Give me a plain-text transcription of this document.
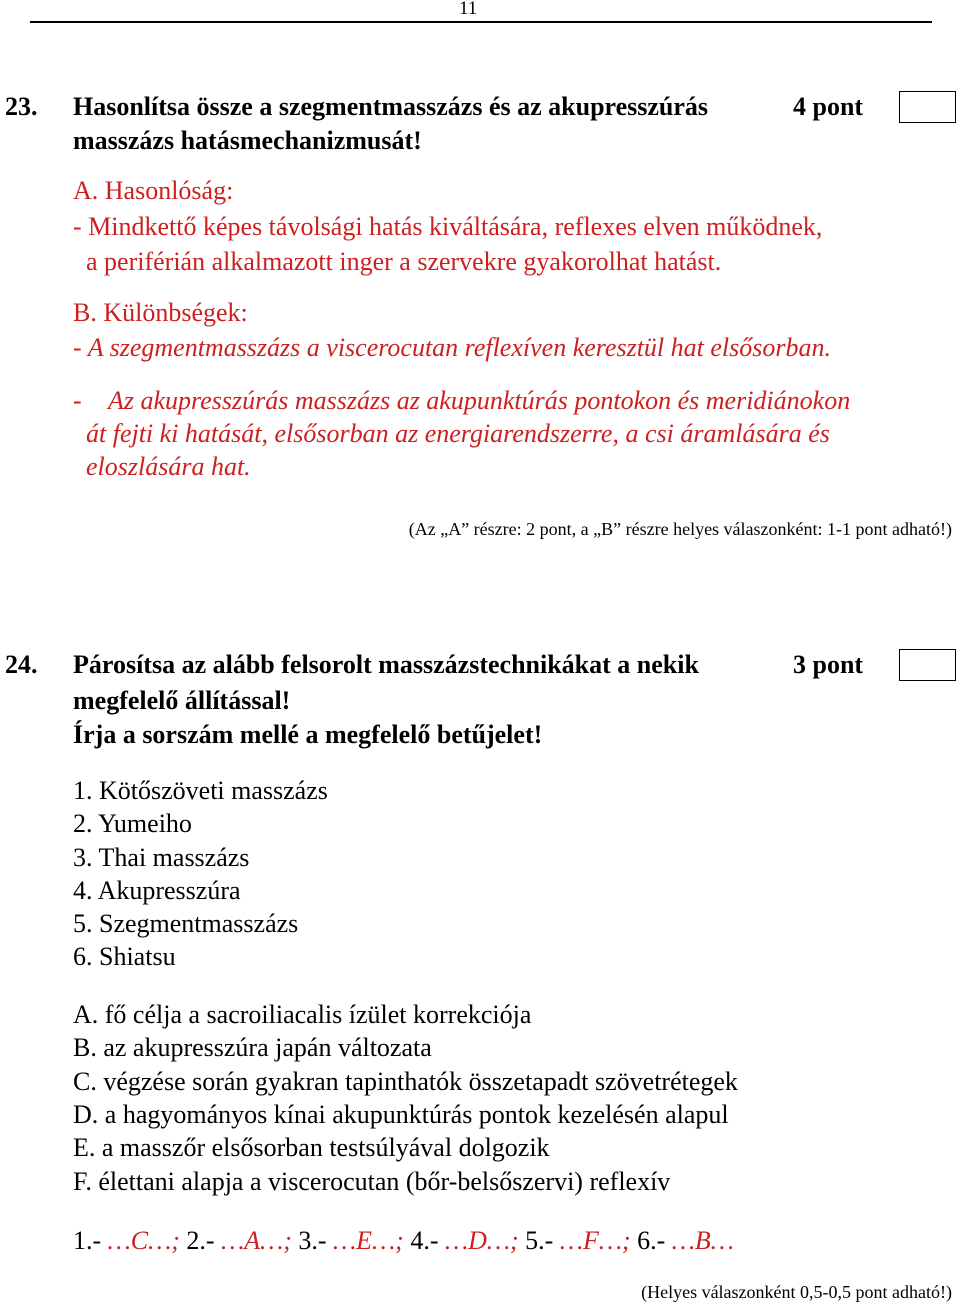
11
23. Hasonlítsa össze a szegmentmasszázs és az akupresszúrás
masszázs hatásmechanizmusát!
4 pont
A. Hasonlóság:
- Mindkettő képes távolsági hatás kiváltására, reflexes elven működnek,
a periférián alkalmazott inger a szervekre gyakorolhat hatást.
B. Különbségek:
- A szegmentmasszázs a viscerocutan reflexíven keresztül hat elsősorban.
- Az akupresszúrás masszázs az akupunktúrás pontokon és meridiánokon
át fejti ki hatását, elsősorban az energiarendszerre, a csi áramlására és
eloszlására hat.
(Az „A” részre: 2 pont, a „B” részre helyes válaszonként: 1-1 pont adható!)
24. Párosítsa az alább felsorolt masszázstechnikákat a nekik
megfelelő állítással!
Írja a sorszám mellé a megfelelő betűjelet!
3 pont
1. Kötőszöveti masszázs
2. Yumeiho
3. Thai masszázs
4. Akupresszúra
5. Szegmentmasszázs
6. Shiatsu
A. fő célja a sacroiliacalis ízület korrekciója
B. az akupresszúra japán változata
C. végzése során gyakran tapinthatók összetapadt szövetrétegek
D. a hagyományos kínai akupunktúrás pontok kezelésén alapul
E. a masszőr elsősorban testsúlyával dolgozik
F. élettani alapja a viscerocutan (bőr-belsőszervi) reflexív
1.- …C…; 2.- …A…; 3.- …E…; 4.- …D…; 5.- …F…; 6.- …B…
(Helyes válaszonként 0,5-0,5 pont adható!)
